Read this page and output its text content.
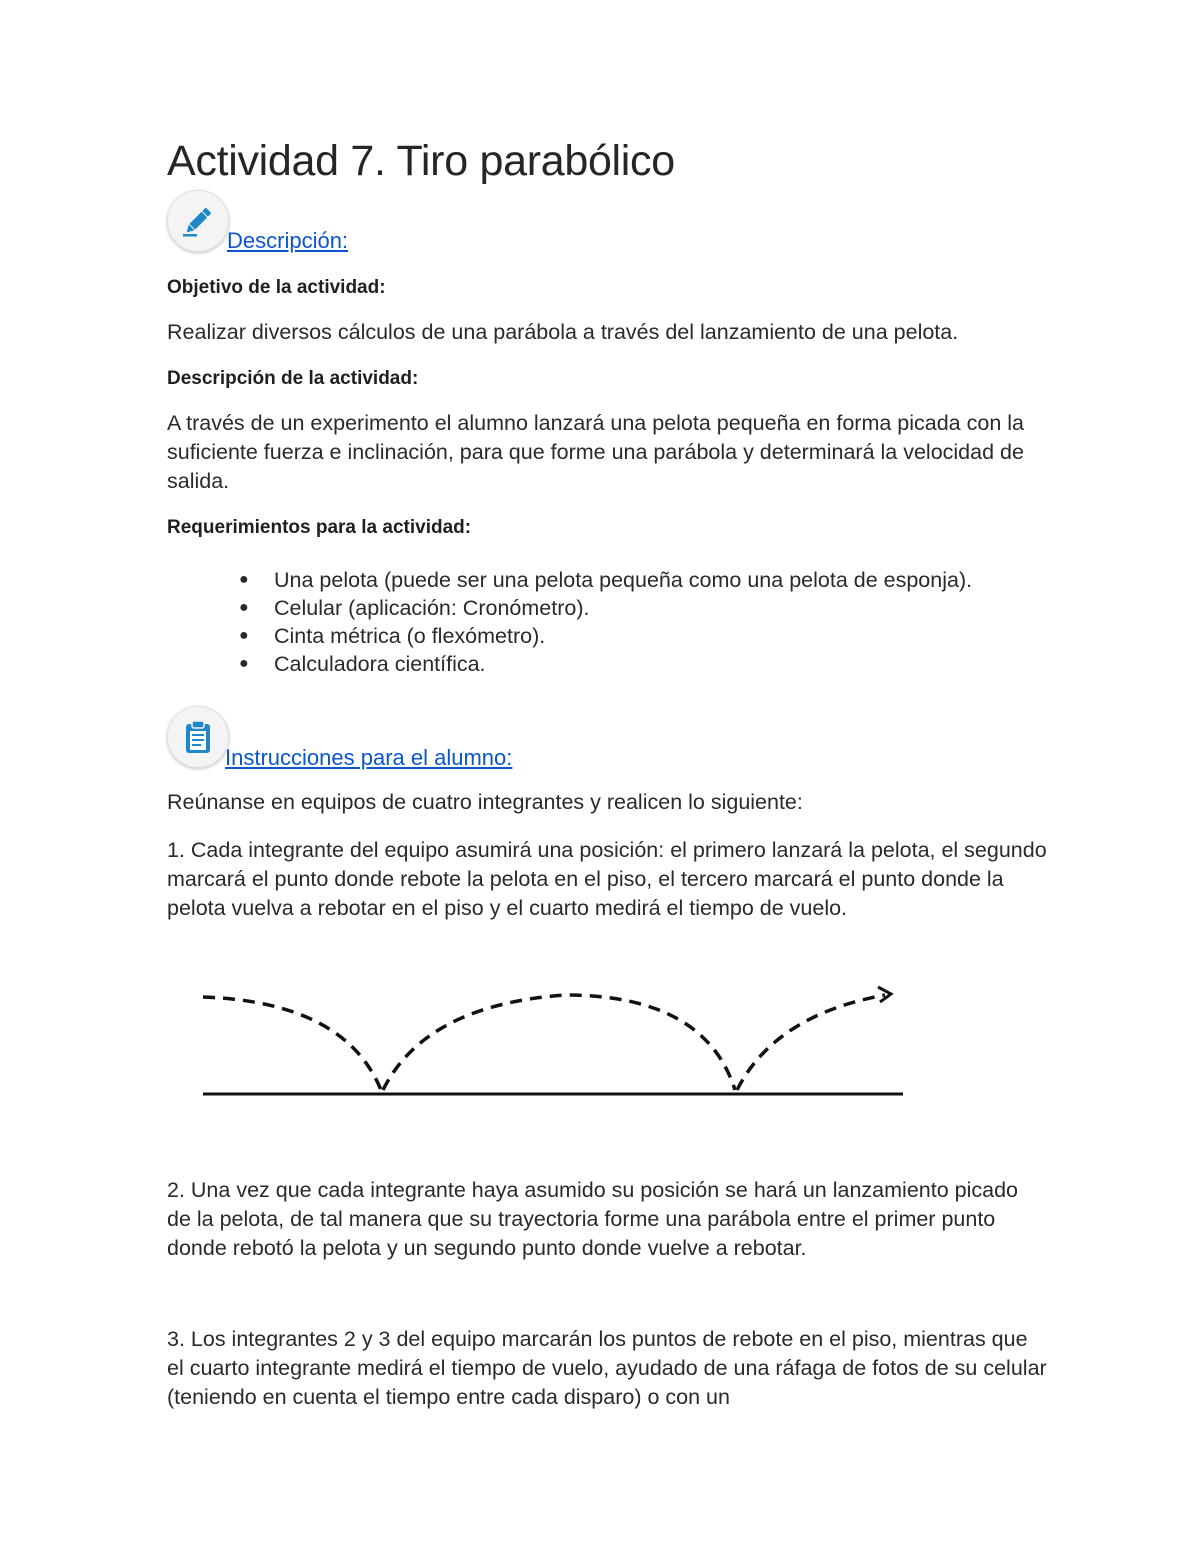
Actividad 7. Tiro parabólico
Descripción:
Objetivo de la actividad:
Realizar diversos cálculos de una parábola a través del lanzamiento de una pelota.
Descripción de la actividad:
A través de un experimento el alumno lanzará una pelota pequeña en forma picada con la suficiente fuerza e inclinación, para que forme una parábola y determinará la velocidad de salida.
Requerimientos para la actividad:
● Una pelota (puede ser una pelota pequeña como una pelota de esponja).
● Celular (aplicación: Cronómetro).
● Cinta métrica (o flexómetro).
● Calculadora científica.
Instrucciones para el alumno:
Reúnanse en equipos de cuatro integrantes y realicen lo siguiente:
1. Cada integrante del equipo asumirá una posición: el primero lanzará la pelota, el segundo marcará el punto donde rebote la pelota en el piso, el tercero marcará el punto donde la pelota vuelva a rebotar en el piso y el cuarto medirá el tiempo de vuelo.
2. Una vez que cada integrante haya asumido su posición se hará un lanzamiento picado de la pelota, de tal manera que su trayectoria forme una parábola entre el primer punto donde rebotó la pelota y un segundo punto donde vuelve a rebotar.
3. Los integrantes 2 y 3 del equipo marcarán los puntos de rebote en el piso, mientras que el cuarto integrante medirá el tiempo de vuelo, ayudado de una ráfaga de fotos de su celular (teniendo en cuenta el tiempo entre cada disparo) o con un
